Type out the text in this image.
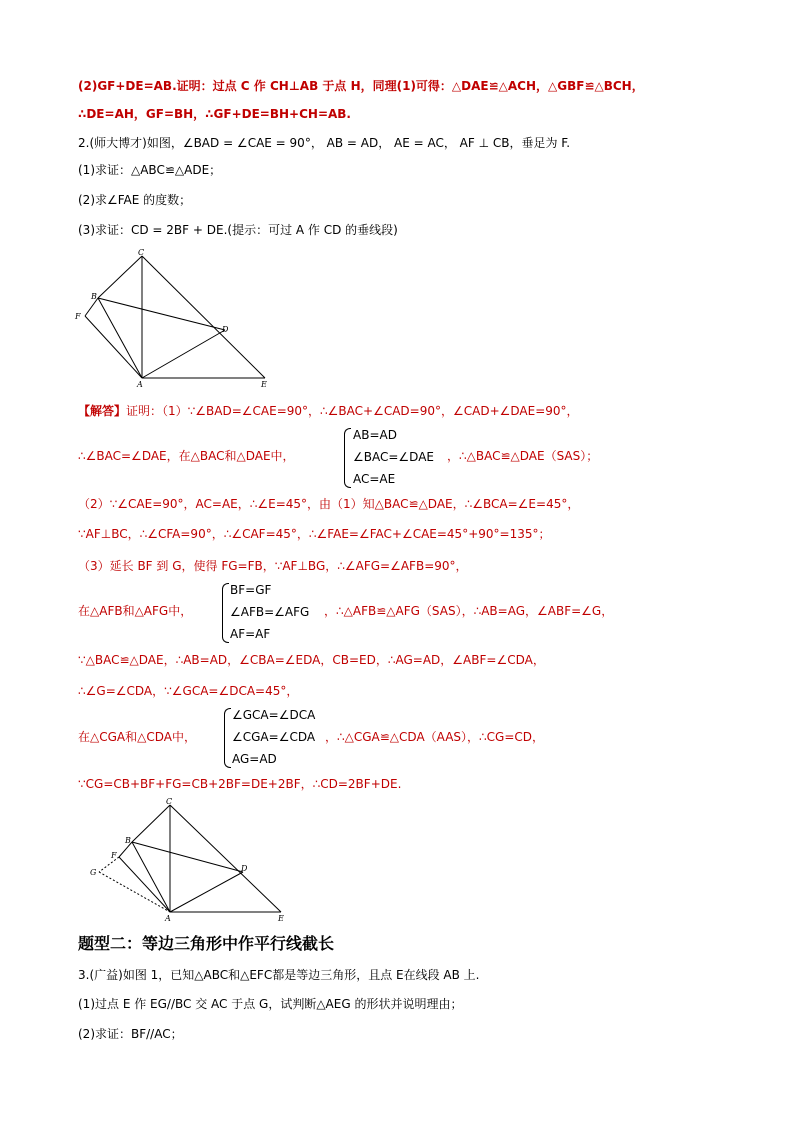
(2)GF+DE=AB.证明：过点 C 作 CH⊥AB 于点 H，同理(1)可得：△DAE≌△ACH，△GBF≌△BCH，
∴DE=AH，GF=BH，∴GF+DE=BH+CH=AB.
2.(师大博才)如图，∠BAD = ∠CAE = 90°， AB = AD， AE = AC， AF ⊥ CB，垂足为 F.
(1)求证：△ABC≌△ADE；
(2)求∠FAE 的度数；
(3)求证：CD = 2BF + DE.(提示：可过 A 作 CD 的垂线段)
C
B
F
D
A	E
【解答】证明：（1）∵∠BAD=∠CAE=90°，∴∠BAC+∠CAD=90°，∠CAD+∠DAE=90°，
∴∠BAC=∠DAE，在△BAC和△DAE中，
AB=AD
∠BAC=∠DAE
AC=AE
，∴△BAC≌△DAE（SAS）；
（2）∵∠CAE=90°，AC=AE，∴∠E=45°，由（1）知△BAC≌△DAE，∴∠BCA=∠E=45°，
∵AF⊥BC，∴∠CFA=90°，∴∠CAF=45°，∴∠FAE=∠FAC+∠CAE=45°+90°=135°；
（3）延长 BF 到 G，使得 FG=FB，∵AF⊥BG，∴∠AFG=∠AFB=90°，
在△AFB和△AFG中，
BF=GF
∠AFB=∠AFG
AF=AF
，∴△AFB≌△AFG（SAS），∴AB=AG，∠ABF=∠G，
∵△BAC≌△DAE，∴AB=AD，∠CBA=∠EDA，CB=ED，∴AG=AD，∠ABF=∠CDA，
∴∠G=∠CDA，∵∠GCA=∠DCA=45°，
在△CGA和△CDA中，
∠GCA=∠DCA
∠CGA=∠CDA
AG=AD
，∴△CGA≌△CDA（AAS），∴CG=CD，
∵CG=CB+BF+FG=CB+2BF=DE+2BF，∴CD=2BF+DE.
C
B
F
G	D
A	E
题型二：等边三角形中作平行线截长
3.(广益)如图 1，已知△ABC和△EFC都是等边三角形，且点 E在线段 AB 上.
(1)过点 E 作 EG//BC 交 AC 于点 G，试判断△AEG 的形状并说明理由；
(2)求证：BF//AC；
